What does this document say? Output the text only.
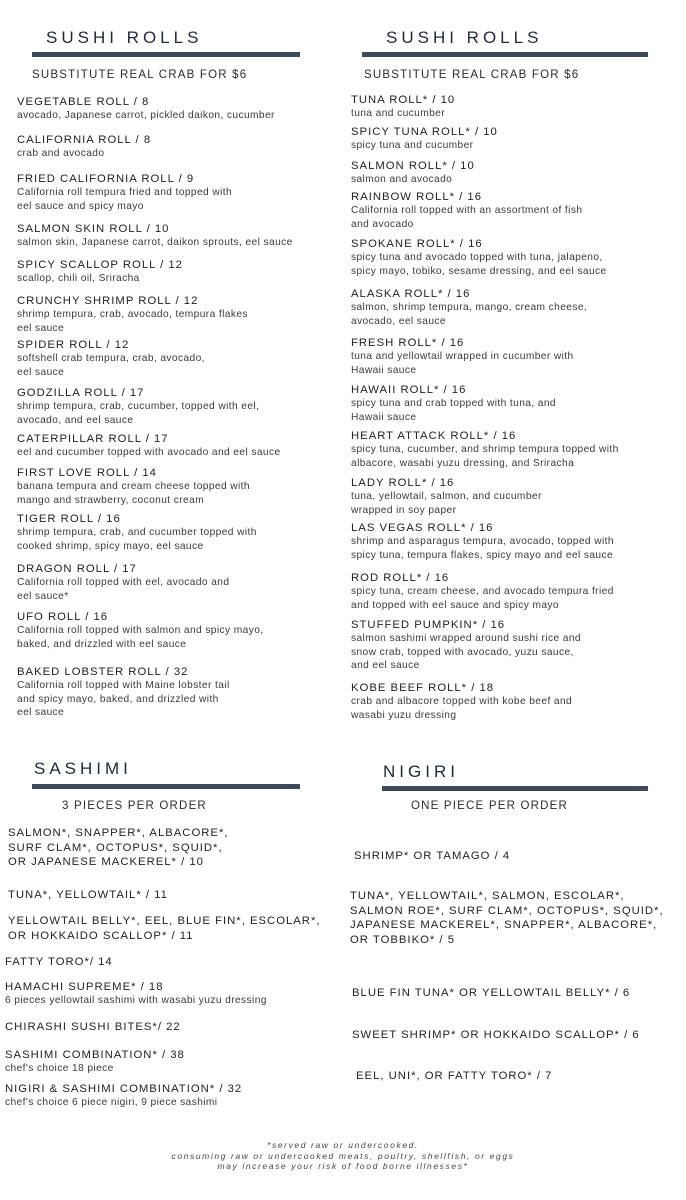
SUSHI ROLLS
SUBSTITUTE REAL CRAB FOR $6
VEGETABLE ROLL / 8
avocado, Japanese carrot, pickled daikon, cucumber
CALIFORNIA ROLL / 8
crab and avocado
FRIED CALIFORNIA ROLL / 9
California roll tempura fried and topped with
eel sauce and spicy mayo
SALMON SKIN ROLL / 10
salmon skin, Japanese carrot, daikon sprouts, eel sauce
SPICY SCALLOP ROLL / 12
scallop, chili oil, Sriracha
CRUNCHY SHRIMP ROLL / 12
shrimp tempura, crab, avocado, tempura flakes
eel sauce
SPIDER ROLL / 12
softshell crab tempura, crab, avocado,
eel sauce
GODZILLA ROLL / 17
shrimp tempura, crab, cucumber, topped with eel,
avocado, and eel sauce
CATERPILLAR ROLL / 17
eel and cucumber topped with avocado and eel sauce
FIRST LOVE ROLL / 14
banana tempura and cream cheese topped with
mango and strawberry, coconut cream
TIGER ROLL / 16
shrimp tempura, crab, and cucumber topped with
cooked shrimp, spicy mayo, eel sauce
DRAGON ROLL / 17
California roll topped with eel, avocado and
eel sauce*
UFO ROLL / 16
California roll topped with salmon and spicy mayo,
baked, and drizzled with eel sauce
BAKED LOBSTER ROLL / 32
California roll topped with Maine lobster tail
and spicy mayo, baked, and drizzled with
eel sauce
SUSHI ROLLS
SUBSTITUTE REAL CRAB FOR $6
TUNA ROLL* / 10
tuna and cucumber
SPICY TUNA ROLL* / 10
spicy tuna and cucumber
SALMON ROLL* / 10
salmon and avocado
RAINBOW ROLL* / 16
California roll topped with an assortment of fish
and avocado
SPOKANE ROLL* / 16
spicy tuna and avocado topped with tuna, jalapeno,
spicy mayo, tobiko, sesame dressing, and eel sauce
ALASKA ROLL* / 16
salmon, shrimp tempura, mango, cream cheese,
avocado, eel sauce
FRESH ROLL* / 16
tuna and yellowtail wrapped in cucumber with
Hawaii sauce
HAWAII ROLL* / 16
spicy tuna and crab topped with tuna, and
Hawaii sauce
HEART ATTACK ROLL* / 16
spicy tuna, cucumber, and shrimp tempura topped with
albacore, wasabi yuzu dressing, and Sriracha
LADY ROLL* / 16
tuna, yellowtail, salmon, and cucumber
wrapped in soy paper
LAS VEGAS ROLL* / 16
shrimp and asparagus tempura, avocado, topped with
spicy tuna, tempura flakes, spicy mayo and eel sauce
ROD ROLL* / 16
spicy tuna, cream cheese, and avocado tempura fried
and topped with eel sauce and spicy mayo
STUFFED PUMPKIN* / 16
salmon sashimi wrapped around sushi rice and
snow crab, topped with avocado, yuzu sauce,
and eel sauce
KOBE BEEF ROLL* / 18
crab and albacore topped with kobe beef and
wasabi yuzu dressing
SASHIMI
3 PIECES PER ORDER
SALMON*, SNAPPER*, ALBACORE*,
SURF CLAM*, OCTOPUS*, SQUID*,
OR JAPANESE MACKEREL* / 10
TUNA*, YELLOWTAIL* / 11
YELLOWTAIL BELLY*, EEL, BLUE FIN*, ESCOLAR*,
OR HOKKAIDO SCALLOP* / 11
FATTY TORO*/ 14
HAMACHI SUPREME* / 18
6 pieces yellowtail sashimi with wasabi yuzu dressing
CHIRASHI SUSHI BITES*/ 22
SASHIMI COMBINATION* / 38
chef's choice 18 piece
NIGIRI & SASHIMI COMBINATION* / 32
chef's choice 6 piece nigiri, 9 piece sashimi
NIGIRI
ONE PIECE PER ORDER
SHRIMP* OR TAMAGO / 4
TUNA*, YELLOWTAIL*, SALMON, ESCOLAR*,
SALMON ROE*, SURF CLAM*, OCTOPUS*, SQUID*,
JAPANESE MACKEREL*, SNAPPER*, ALBACORE*,
OR TOBBIKO* / 5
BLUE FIN TUNA* OR YELLOWTAIL BELLY* / 6
SWEET SHRIMP* OR HOKKAIDO SCALLOP* / 6
EEL, UNI*, OR FATTY TORO* / 7
*served raw or undercooked.
consuming raw or undercooked meats, poultry, shellfish, or eggs
may increase your risk of food borne illnesses*
